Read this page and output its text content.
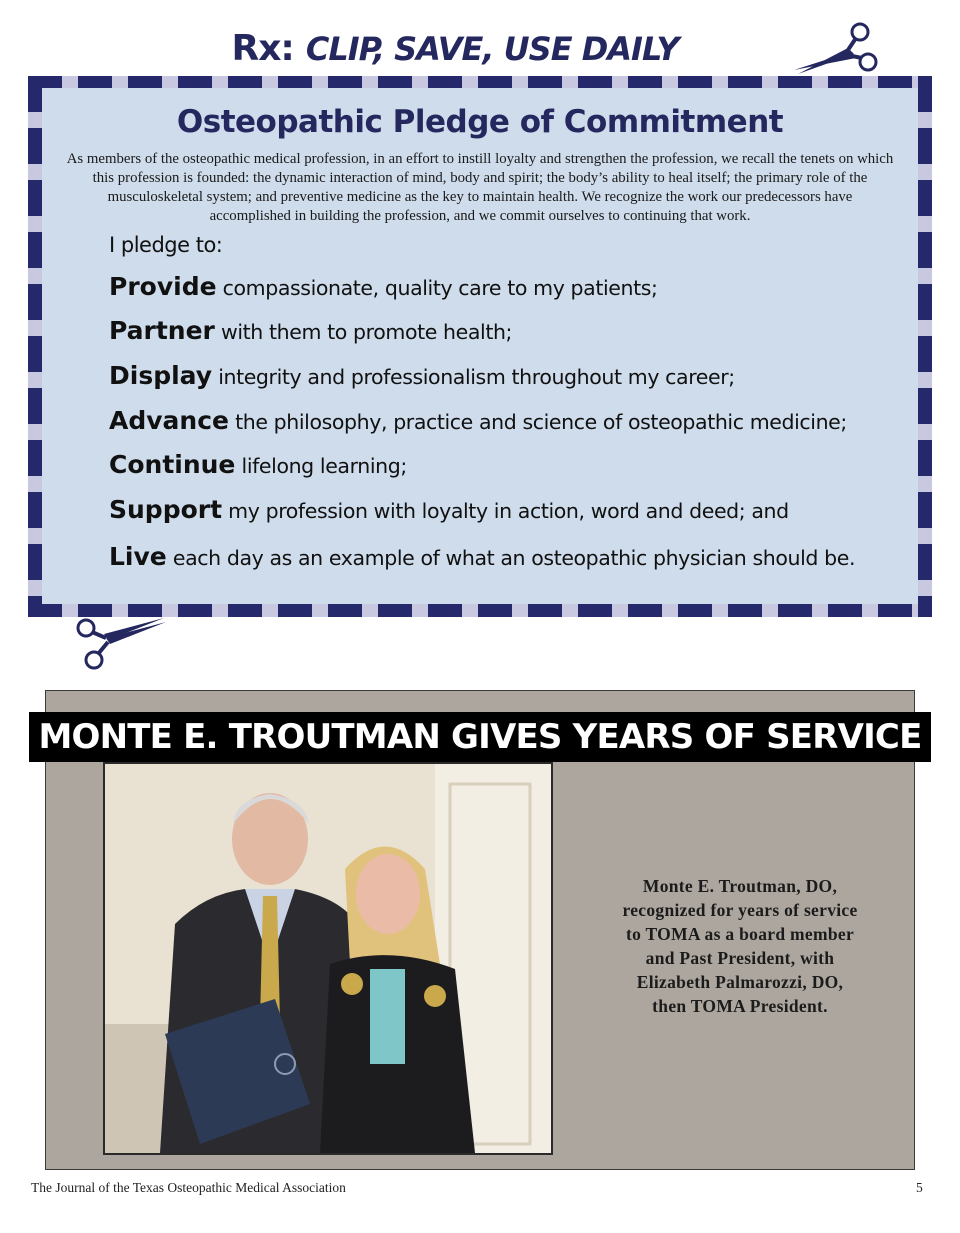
Rx: CLIP, SAVE, USE DAILY
Osteopathic Pledge of Commitment
As members of the osteopathic medical profession, in an effort to instill loyalty and strengthen the profession, we recall the tenets on which this profession is founded: the dynamic interaction of mind, body and spirit; the body’s ability to heal itself; the primary role of the musculoskeletal system; and preventive medicine as the key to maintain health. We recognize the work our predecessors have accomplished in building the profession, and we commit ourselves to continuing that work.
I pledge to:
Provide compassionate, quality care to my patients;
Partner with them to promote health;
Display integrity and professionalism throughout my career;
Advance the philosophy, practice and science of osteopathic medicine;
Continue lifelong learning;
Support my profession with loyalty in action, word and deed; and
Live each day as an example of what an osteopathic physician should be.
MONTE E. TROUTMAN GIVES YEARS OF SERVICE
Monte E. Troutman, DO, recognized for years of service to TOMA as a board member and Past President, with Elizabeth Palmarozzi, DO, then TOMA President.
The Journal of the Texas Osteopathic Medical Association	5
